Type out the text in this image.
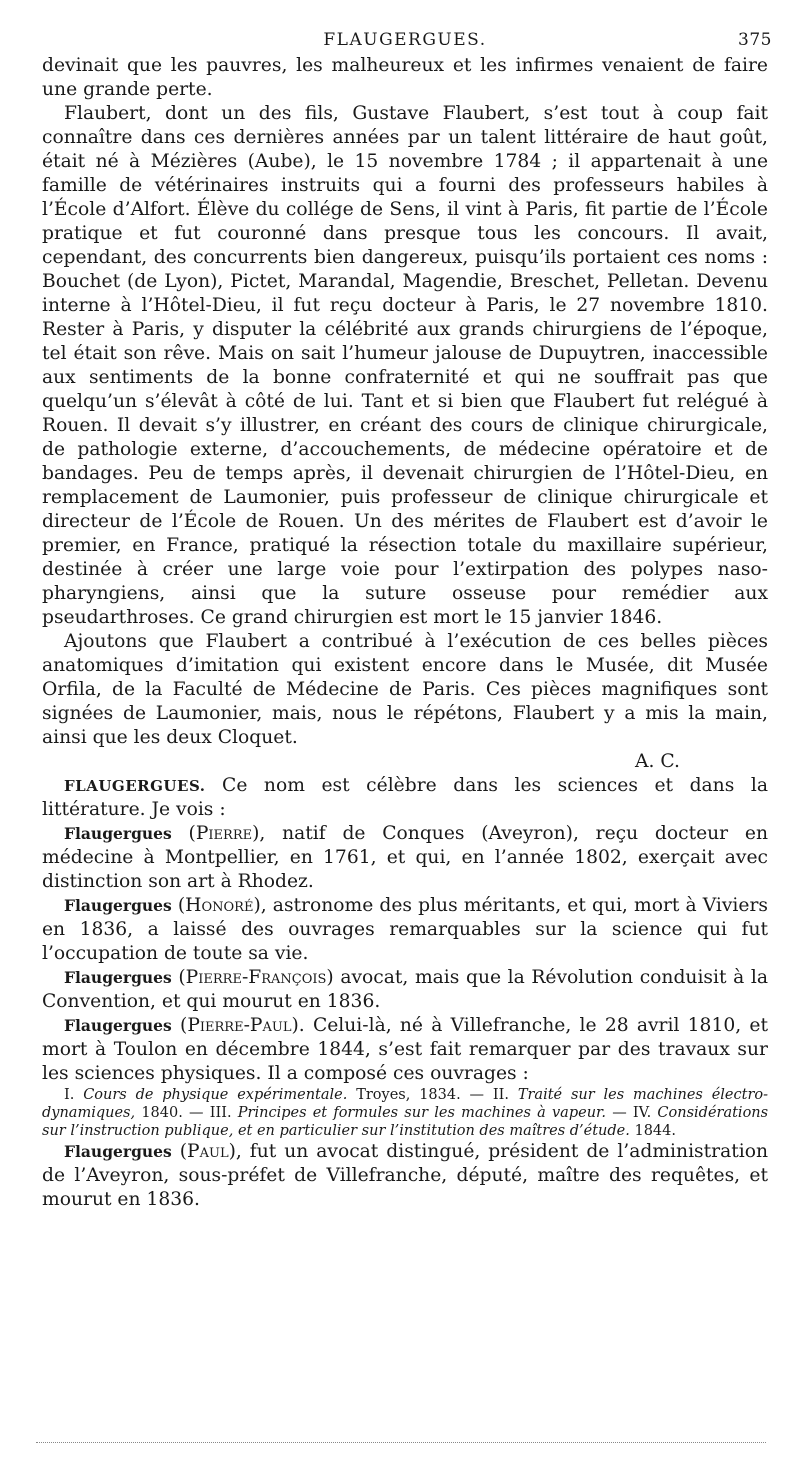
FLAUGERGUES.	375

devinait que les pauvres, les malheureux et les infirmes venaient de faire une grande perte.

Flaubert, dont un des fils, Gustave Flaubert, s’est tout à coup fait connaître dans ces dernières années par un talent littéraire de haut goût, était né à Mézières (Aube), le 15 novembre 1784 ; il appartenait à une famille de vétérinaires instruits qui a fourni des professeurs habiles à l’École d’Alfort. Élève du collége de Sens, il vint à Paris, fit partie de l’École pratique et fut couronné dans presque tous les concours. Il avait, cependant, des concurrents bien dangereux, puisqu’ils portaient ces noms : Bouchet (de Lyon), Pictet, Marandal, Magendie, Breschet, Pelletan. Devenu interne à l’Hôtel-Dieu, il fut reçu docteur à Paris, le 27 novembre 1810. Rester à Paris, y disputer la célébrité aux grands chirurgiens de l’époque, tel était son rêve. Mais on sait l’humeur jalouse de Dupuytren, inaccessible aux sentiments de la bonne confraternité et qui ne souffrait pas que quelqu’un s’élevât à côté de lui. Tant et si bien que Flaubert fut relégué à Rouen. Il devait s’y illustrer, en créant des cours de clinique chirurgicale, de pathologie externe, d’accouchements, de médecine opératoire et de bandages. Peu de temps après, il devenait chirurgien de l’Hôtel-Dieu, en remplacement de Laumonier, puis professeur de clinique chirurgicale et directeur de l’École de Rouen. Un des mérites de Flaubert est d’avoir le premier, en France, pratiqué la résection totale du maxillaire supérieur, destinée à créer une large voie pour l’extirpation des polypes naso-pharyngiens, ainsi que la suture osseuse pour remédier aux pseudarthroses. Ce grand chirurgien est mort le 15 janvier 1846.

Ajoutons que Flaubert a contribué à l’exécution de ces belles pièces anatomiques d’imitation qui existent encore dans le Musée, dit Musée Orfila, de la Faculté de Médecine de Paris. Ces pièces magnifiques sont signées de Laumonier, mais, nous le répétons, Flaubert y a mis la main, ainsi que les deux Cloquet.

A. C.

FLAUGERGUES. Ce nom est célèbre dans les sciences et dans la littérature. Je vois :

Flaugergues (Pierre), natif de Conques (Aveyron), reçu docteur en médecine à Montpellier, en 1761, et qui, en l’année 1802, exerçait avec distinction son art à Rhodez.

Flaugergues (Honoré), astronome des plus méritants, et qui, mort à Viviers en 1836, a laissé des ouvrages remarquables sur la science qui fut l’occupation de toute sa vie.

Flaugergues (Pierre-François) avocat, mais que la Révolution conduisit à la Convention, et qui mourut en 1836.

Flaugergues (Pierre-Paul). Celui-là, né à Villefranche, le 28 avril 1810, et mort à Toulon en décembre 1844, s’est fait remarquer par des travaux sur les sciences physiques. Il a composé ces ouvrages :

I. Cours de physique expérimentale. Troyes, 1834. — II. Traité sur les machines électro-dynamiques, 1840. — III. Principes et formules sur les machines à vapeur. — IV. Considérations sur l’instruction publique, et en particulier sur l’institution des maîtres d’étude. 1844.

Flaugergues (Paul), fut un avocat distingué, président de l’administration de l’Aveyron, sous-préfet de Villefranche, député, maître des requêtes, et mourut en 1836.
